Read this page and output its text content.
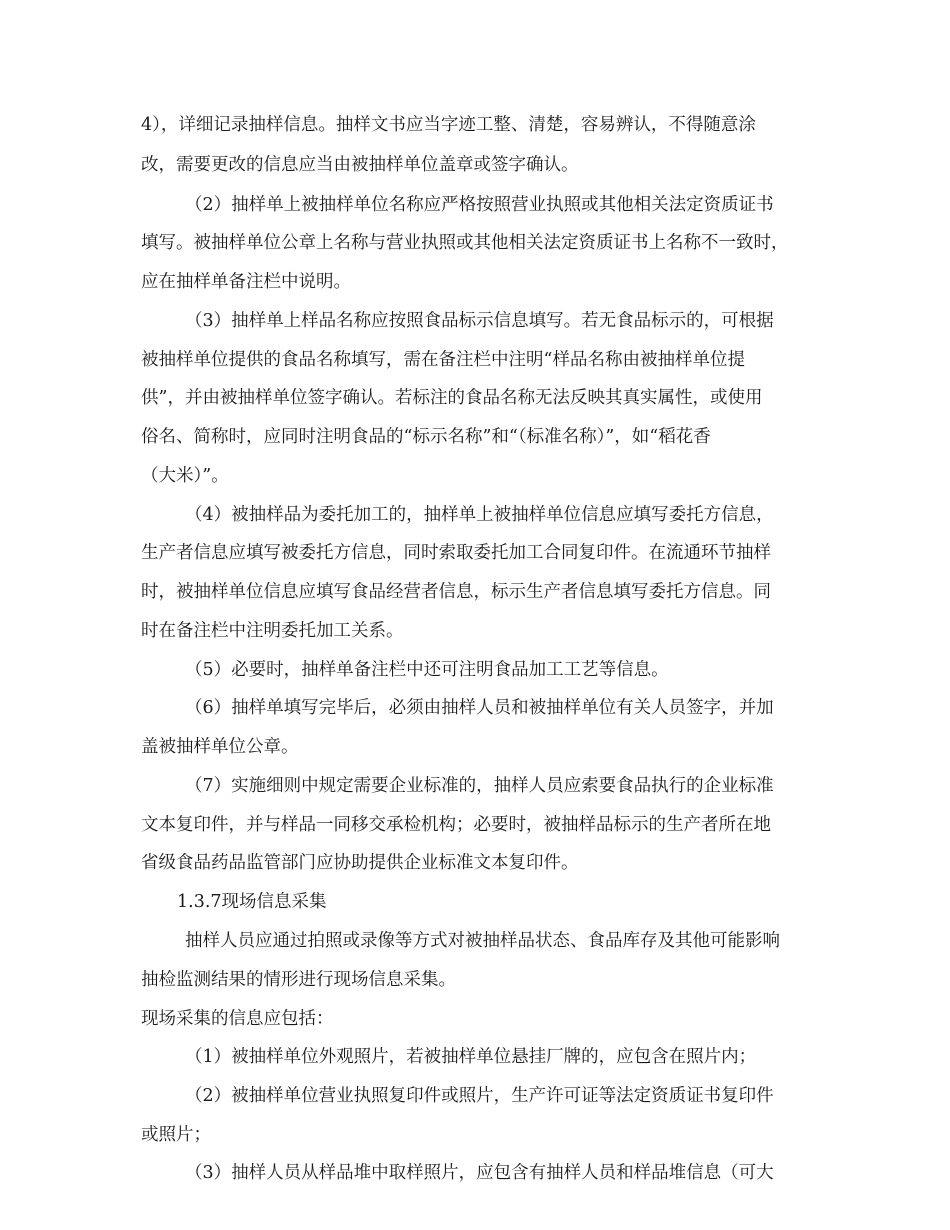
4），详细记录抽样信息。抽样文书应当字迹工整、清楚，容易辨认，不得随意涂
改，需要更改的信息应当由被抽样单位盖章或签字确认。
（2）抽样单上被抽样单位名称应严格按照营业执照或其他相关法定资质证书
填写。被抽样单位公章上名称与营业执照或其他相关法定资质证书上名称不一致时，
应在抽样单备注栏中说明。
（3）抽样单上样品名称应按照食品标示信息填写。若无食品标示的，可根据
被抽样单位提供的食品名称填写，需在备注栏中注明“样品名称由被抽样单位提
供”，并由被抽样单位签字确认。若标注的食品名称无法反映其真实属性，或使用
俗名、简称时，应同时注明食品的“标示名称”和“（标准名称）”，如“稻花香
（大米）”。
（4）被抽样品为委托加工的，抽样单上被抽样单位信息应填写委托方信息，
生产者信息应填写被委托方信息，同时索取委托加工合同复印件。在流通环节抽样
时，被抽样单位信息应填写食品经营者信息，标示生产者信息填写委托方信息。同
时在备注栏中注明委托加工关系。
（5）必要时，抽样单备注栏中还可注明食品加工工艺等信息。
（6）抽样单填写完毕后，必须由抽样人员和被抽样单位有关人员签字，并加
盖被抽样单位公章。
（7）实施细则中规定需要企业标准的，抽样人员应索要食品执行的企业标准
文本复印件，并与样品一同移交承检机构；必要时，被抽样品标示的生产者所在地
省级食品药品监管部门应协助提供企业标准文本复印件。
1.3.7现场信息采集
抽样人员应通过拍照或录像等方式对被抽样品状态、食品库存及其他可能影响
抽检监测结果的情形进行现场信息采集。
现场采集的信息应包括：
（1）被抽样单位外观照片，若被抽样单位悬挂厂牌的，应包含在照片内；
（2）被抽样单位营业执照复印件或照片，生产许可证等法定资质证书复印件
或照片；
（3）抽样人员从样品堆中取样照片，应包含有抽样人员和样品堆信息（可大
